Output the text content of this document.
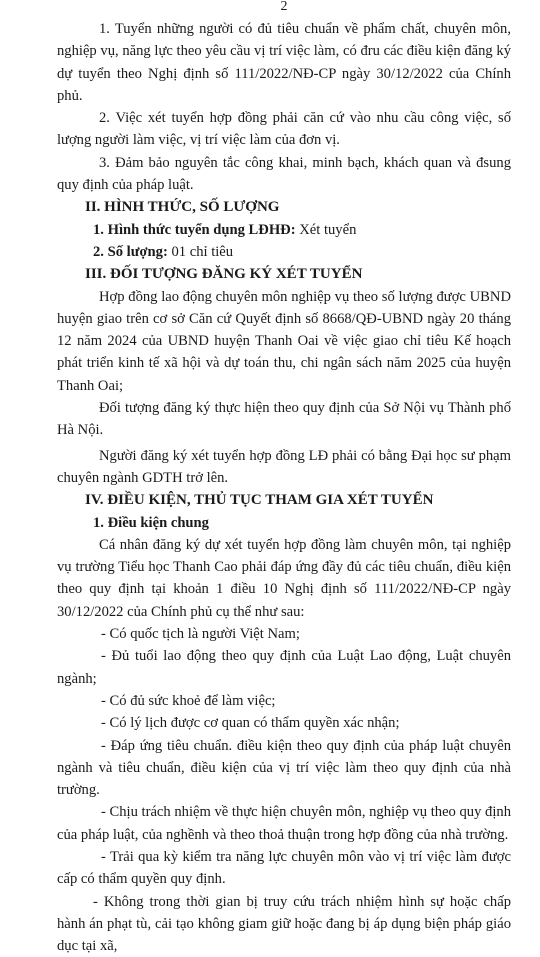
2

1. Tuyển những người có đủ tiêu chuẩn về phẩm chất, chuyên môn, nghiệp vụ, năng lực theo yêu cầu vị trí việc làm, có đru các điều kiện đăng ký dự tuyển theo Nghị định số 111/2022/NĐ-CP ngày 30/12/2022 của Chính phủ.

2. Việc xét tuyển hợp đồng phải căn cứ vào nhu cầu công việc, số lượng người làm việc, vị trí việc làm của đơn vị.

3. Đảm bảo nguyên tắc công khai, minh bạch, khách quan và đsung quy định của pháp luật.

II. HÌNH THỨC, SỐ LƯỢNG

1. Hình thức tuyển dụng LĐHĐ: Xét tuyển

2. Số lượng: 01 chỉ tiêu

III. ĐỐI TƯỢNG ĐĂNG KÝ XÉT TUYỂN

Hợp đồng lao động chuyên môn nghiệp vụ theo số lượng được UBND huyện giao trên cơ sở Căn cứ Quyết định số 8668/QĐ-UBND ngày 20 tháng 12 năm 2024 của UBND huyện Thanh Oai về việc giao chỉ tiêu Kế hoạch phát triển kinh tế xã hội và dự toán thu, chi ngân sách năm 2025 của huyện Thanh Oai;

Đối tượng đăng ký thực hiện theo quy định của Sở Nội vụ Thành phố Hà Nội.

Người đăng ký xét tuyển hợp đồng LĐ phải có bằng Đại học sư phạm chuyên ngành GDTH trở lên.

IV. ĐIỀU KIỆN, THỦ TỤC THAM GIA XÉT TUYỂN

1. Điều kiện chung

Cá nhân đăng ký dự xét tuyển hợp đồng làm chuyên môn, tại nghiệp vụ trường Tiểu học Thanh Cao phải đáp ứng đầy đủ các tiêu chuẩn, điều kiện theo quy định tại khoản 1 điều 10 Nghị định số 111/2022/NĐ-CP ngày 30/12/2022 của Chính phủ cụ thể như sau:

- Có quốc tịch là người Việt Nam;

- Đủ tuổi lao động theo quy định của Luật Lao động, Luật chuyên ngành;

- Có đủ sức khoẻ để làm việc;

- Có lý lịch được cơ quan có thẩm quyền xác nhận;

- Đáp ứng tiêu chuẩn. điều kiện theo quy định của pháp luật chuyên ngành và tiêu chuẩn, điều kiện của vị trí việc làm theo quy định của nhà trường.

- Chịu trách nhiệm về thực hiện chuyên môn, nghiệp vụ theo quy định của pháp luật, của nghềnh và theo thoả thuận trong hợp đồng của nhà trường.

- Trải qua kỳ kiểm tra năng lực chuyên môn vào vị trí việc làm được cấp có thẩm quyền quy định.

- Không trong thời gian bị truy cứu trách nhiệm hình sự hoặc chấp hành án phạt tù, cải tạo không giam giữ hoặc đang bị áp dụng biện pháp giáo dục tại xã,
